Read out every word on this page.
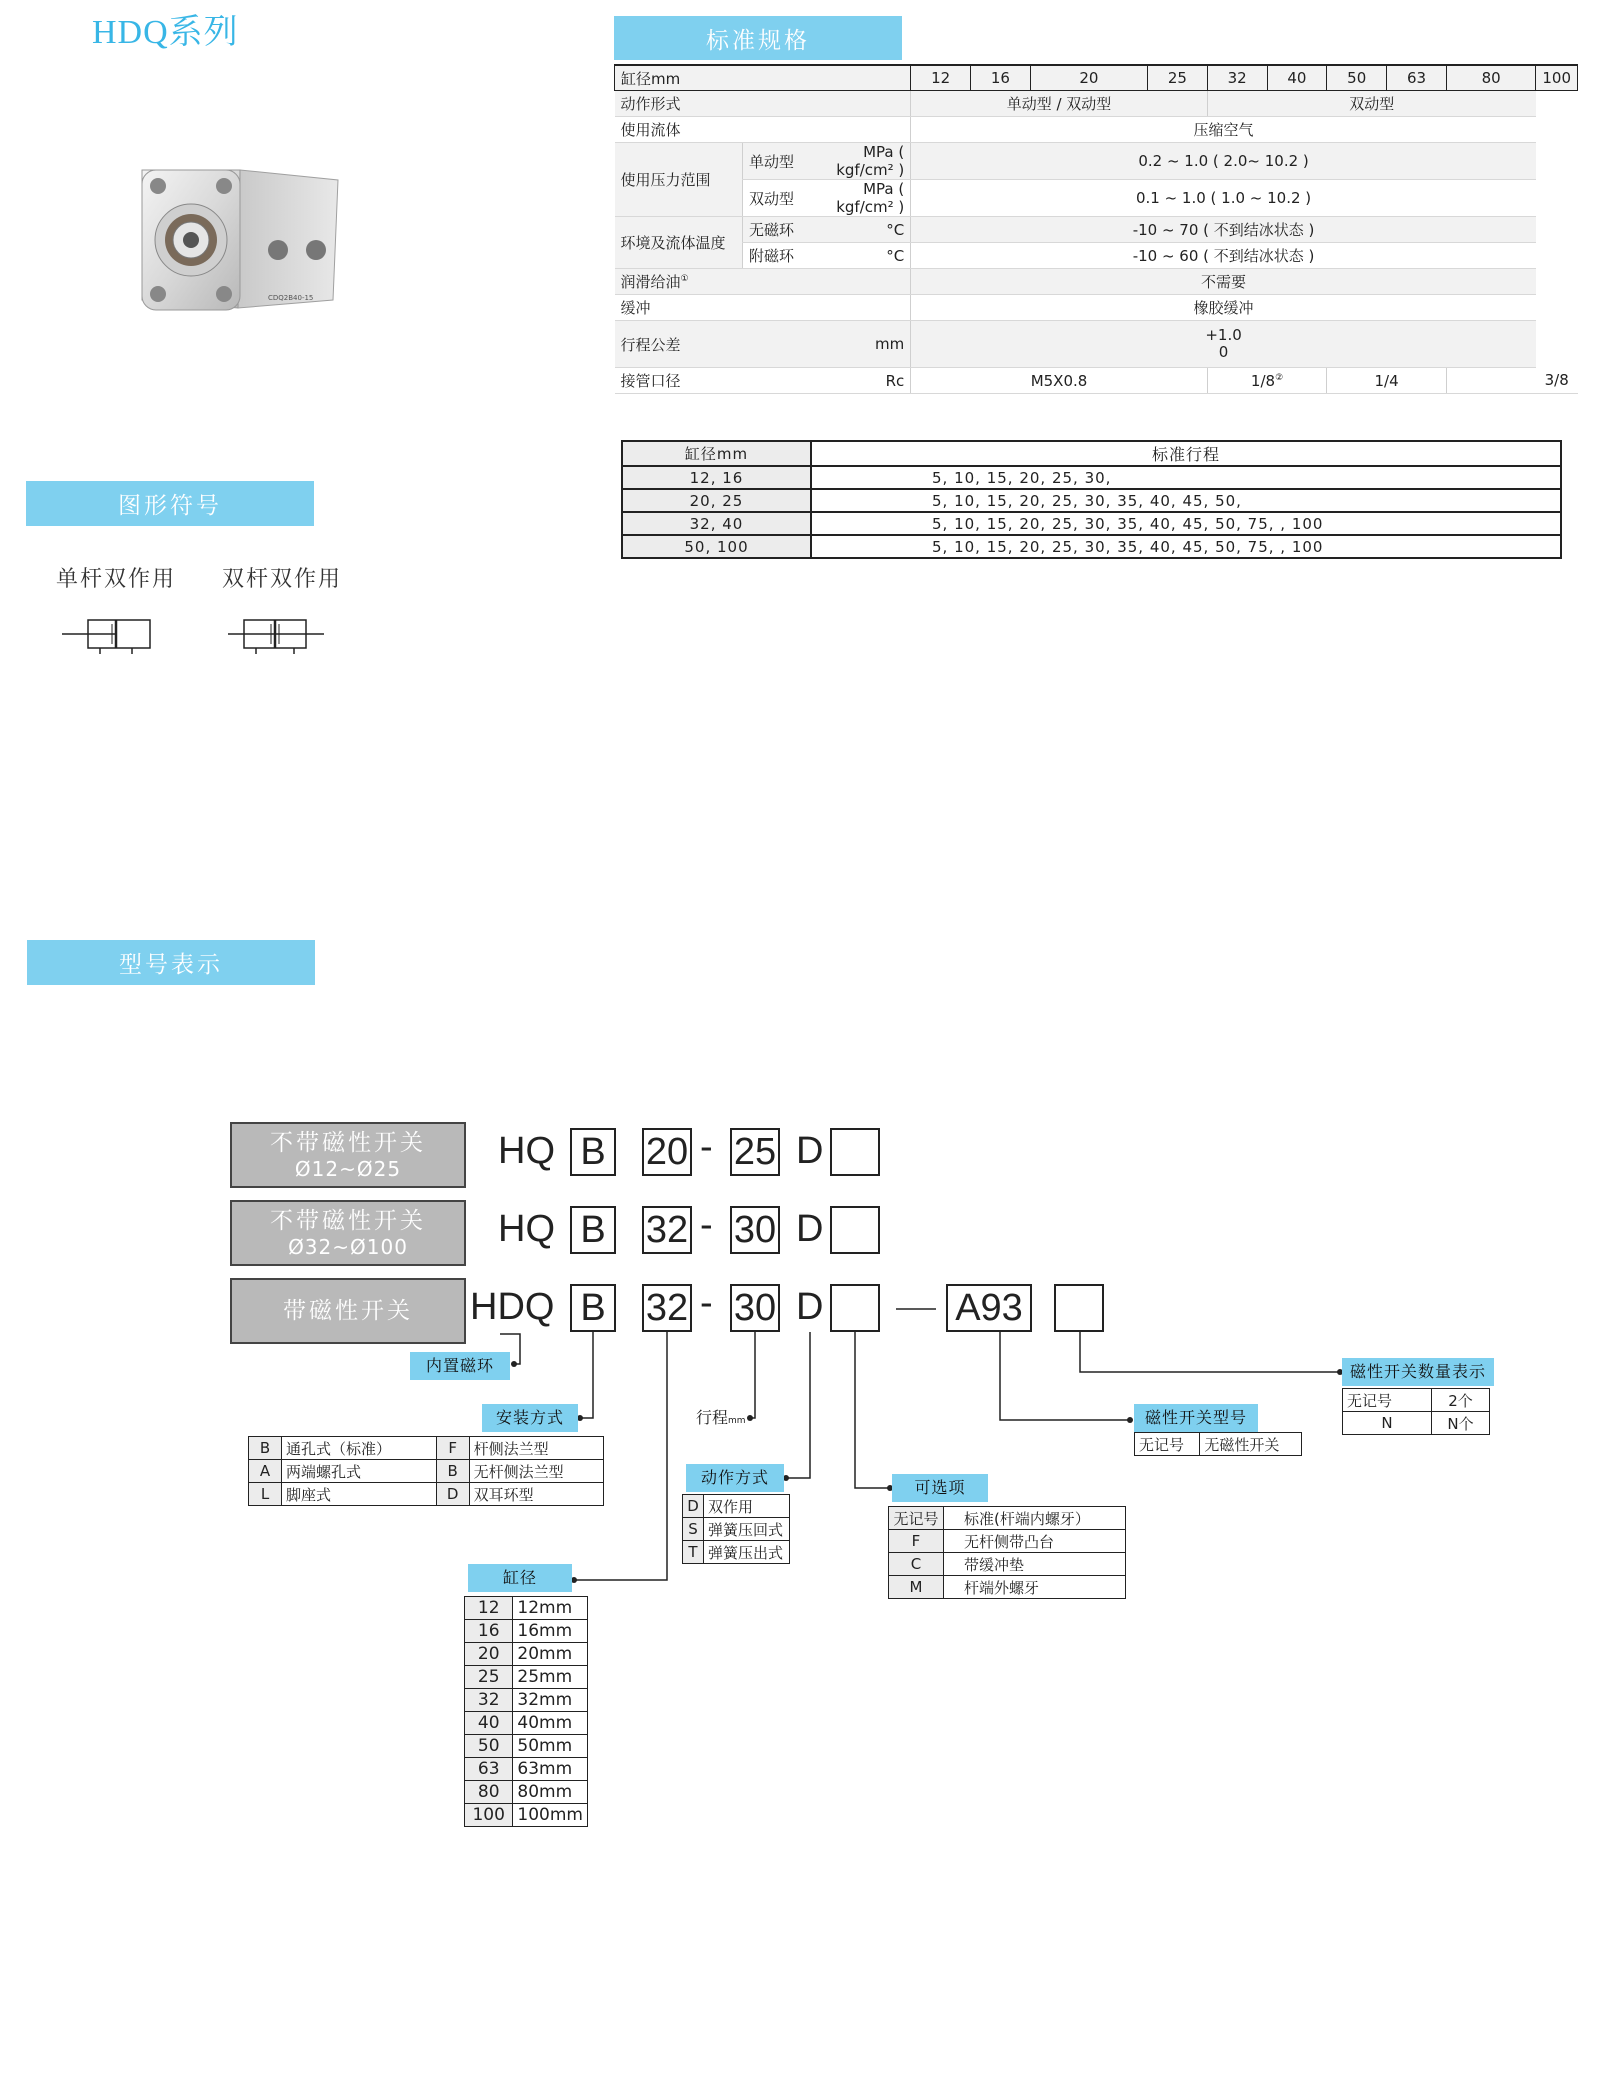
HDQ系列
CDQ2B40-15
标准规格
图形符号
型号表示
缸径mm			12	16	20	25	32	40	50	63	80	100
动作形式			单动型 / 双动型				双动型					
使用流体			压缩空气									
使用压力范围	单动型	MPa ( kgf/cm² )	0.2 ~ 1.0 ( 2.0~ 10.2 )									
	双动型	MPa ( kgf/cm² )	0.1 ~ 1.0 ( 1.0 ~ 10.2 )									
环境及流体温度	无磁环	°C	-10 ~ 70 ( 不到结冰状态 )									
	附磁环	°C	-10 ~ 60 ( 不到结冰状态 )									
润滑给油①			不需要									
缓冲			橡胶缓冲									
行程公差		mm	+1.0
0									

接管口径		Rc	M5X0.8				1/8②		1/4			3/8
缸径mm	标准行程
12, 16	5, 10, 15, 20, 25, 30,
20, 25	5, 10, 15, 20, 25, 30, 35, 40, 45, 50,
32, 40	5, 10, 15, 20, 25, 30, 35, 40, 45, 50, 75, , 100
50, 100	5, 10, 15, 20, 25, 30, 35, 40, 45, 50, 75, , 100
单杆双作用 双杆双作用
不带磁性开关
Ø12~Ø25
不带磁性开关
Ø32~Ø100
带磁性开关
HQ B 20 - 25 D
HQ B 32 - 30 D
HDQ B 32 - 30 D	A93
内置磁环
安装方式	行程mm
动作方式
可选项
缸径
磁性开关型号
磁性开关数量表示
B	通孔式（标准）	F	杆侧法兰型
A	两端螺孔式	B	无杆侧法兰型
L	脚座式	D	双耳环型
D	双作用
S	弹簧压回式
T	弹簧压出式
无记号	标准(杆端内螺牙）
F	无杆侧带凸台
C	带缓冲垫
M	杆端外螺牙
无记号	无磁性开关
无记号	2个
N	N个
12	12mm
16	16mm
20	20mm
25	25mm
32	32mm
40	40mm
50	50mm
63	63mm
80	80mm
100	100mm
